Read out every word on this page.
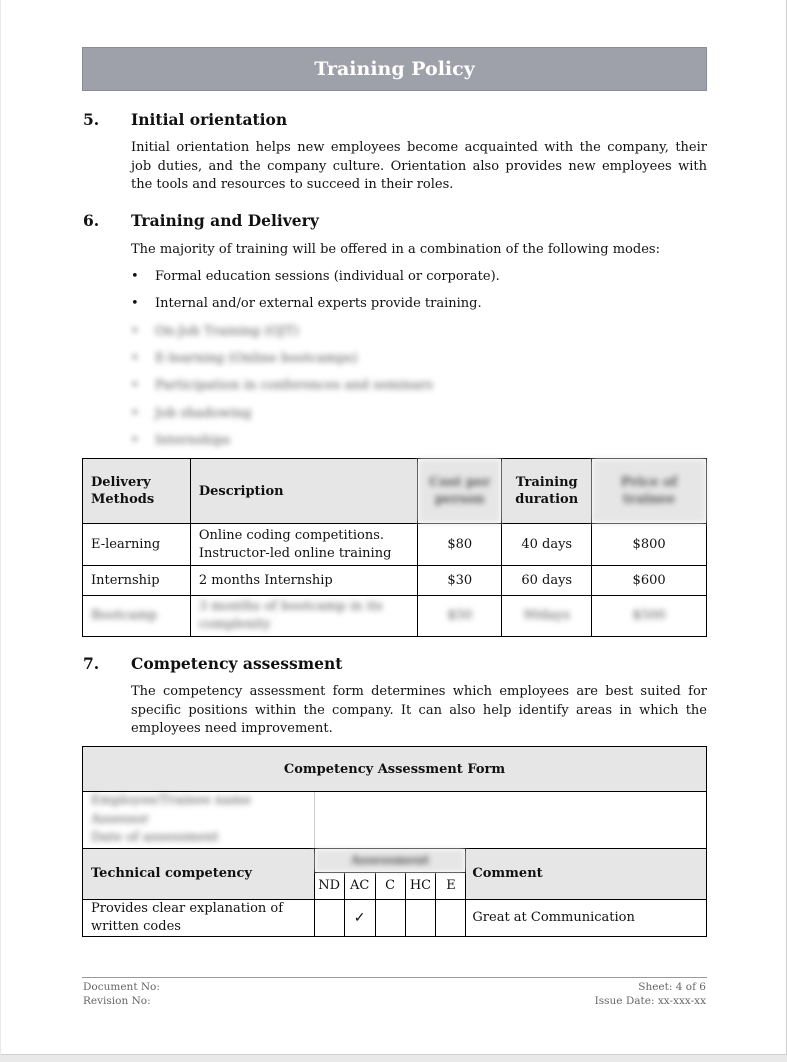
Training Policy
5. Initial orientation
Initial orientation helps new employees become acquainted with the company, their job duties, and the company culture. Orientation also provides new employees with the tools and resources to succeed in their roles.
6. Training and Delivery
The majority of training will be offered in a combination of the following modes:
• Formal education sessions (individual or corporate).
• Internal and/or external experts provide training.
• On-Job Training (OJT)
• E-learning (Online bootcamps)
• Participation in conferences and seminars
• Job shadowing
• Internships
Delivery Methods	Description	Cost per person	Training duration	Price of trainee
E-learning	Online coding competitions. Instructor-led online training	$80	40 days	$800
Internship	2 months Internship	$30	60 days	$600
Bootcamp	3 months of bootcamp in its complexity	$50	90days	$500
7. Competency assessment
The competency assessment form determines which employees are best suited for specific positions within the company. It can also help identify areas in which the employees need improvement.
Competency Assessment Form						

Employee/Trainee name
Assessor
Date of assessment						

Technical competency	Assessment					Comment
	ND	AC	C	HC	E	
Provides clear explanation of written codes		✓				Great at Communication
Document No:
Revision No:
Sheet: 4 of 6
Issue Date: xx-xxx-xx
